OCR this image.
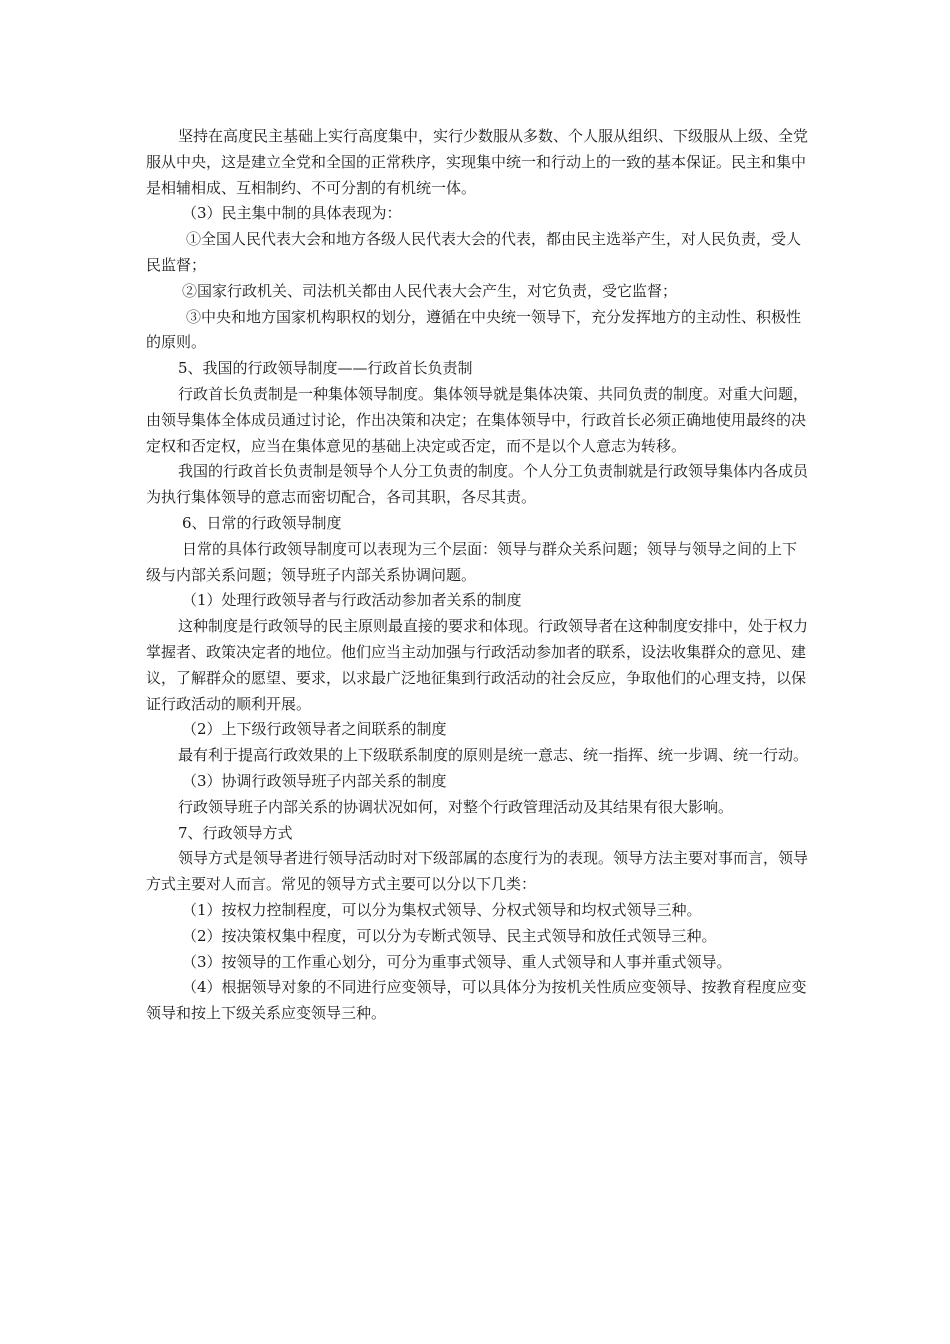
坚持在高度民主基础上实行高度集中，实行少数服从多数、个人服从组织、下级服从上级、全党服从中央，这是建立全党和全国的正常秩序，实现集中统一和行动上的一致的基本保证。民主和集中是相辅相成、互相制约、不可分割的有机统一体。

（3）民主集中制的具体表现为：

①全国人民代表大会和地方各级人民代表大会的代表，都由民主选举产生，对人民负责，受人民监督；

②国家行政机关、司法机关都由人民代表大会产生，对它负责，受它监督；

③中央和地方国家机构职权的划分，遵循在中央统一领导下，充分发挥地方的主动性、积极性的原则。

5、我国的行政领导制度——行政首长负责制

行政首长负责制是一种集体领导制度。集体领导就是集体决策、共同负责的制度。对重大问题，由领导集体全体成员通过讨论，作出决策和决定；在集体领导中，行政首长必须正确地使用最终的决定权和否定权，应当在集体意见的基础上决定或否定，而不是以个人意志为转移。

我国的行政首长负责制是领导个人分工负责的制度。个人分工负责制就是行政领导集体内各成员为执行集体领导的意志而密切配合，各司其职，各尽其责。

6、日常的行政领导制度

日常的具体行政领导制度可以表现为三个层面：领导与群众关系问题；领导与领导之间的上下级与内部关系问题；领导班子内部关系协调问题。

（1）处理行政领导者与行政活动参加者关系的制度

这种制度是行政领导的民主原则最直接的要求和体现。行政领导者在这种制度安排中，处于权力掌握者、政策决定者的地位。他们应当主动加强与行政活动参加者的联系，设法收集群众的意见、建议，了解群众的愿望、要求，以求最广泛地征集到行政活动的社会反应，争取他们的心理支持，以保证行政活动的顺利开展。

（2）上下级行政领导者之间联系的制度

最有利于提高行政效果的上下级联系制度的原则是统一意志、统一指挥、统一步调、统一行动。

（3）协调行政领导班子内部关系的制度

行政领导班子内部关系的协调状况如何，对整个行政管理活动及其结果有很大影响。

7、行政领导方式

领导方式是领导者进行领导活动时对下级部属的态度行为的表现。领导方法主要对事而言，领导方式主要对人而言。常见的领导方式主要可以分以下几类：

（1）按权力控制程度，可以分为集权式领导、分权式领导和均权式领导三种。

（2）按决策权集中程度，可以分为专断式领导、民主式领导和放任式领导三种。

（3）按领导的工作重心划分，可分为重事式领导、重人式领导和人事并重式领导。

（4）根据领导对象的不同进行应变领导，可以具体分为按机关性质应变领导、按教育程度应变领导和按上下级关系应变领导三种。
